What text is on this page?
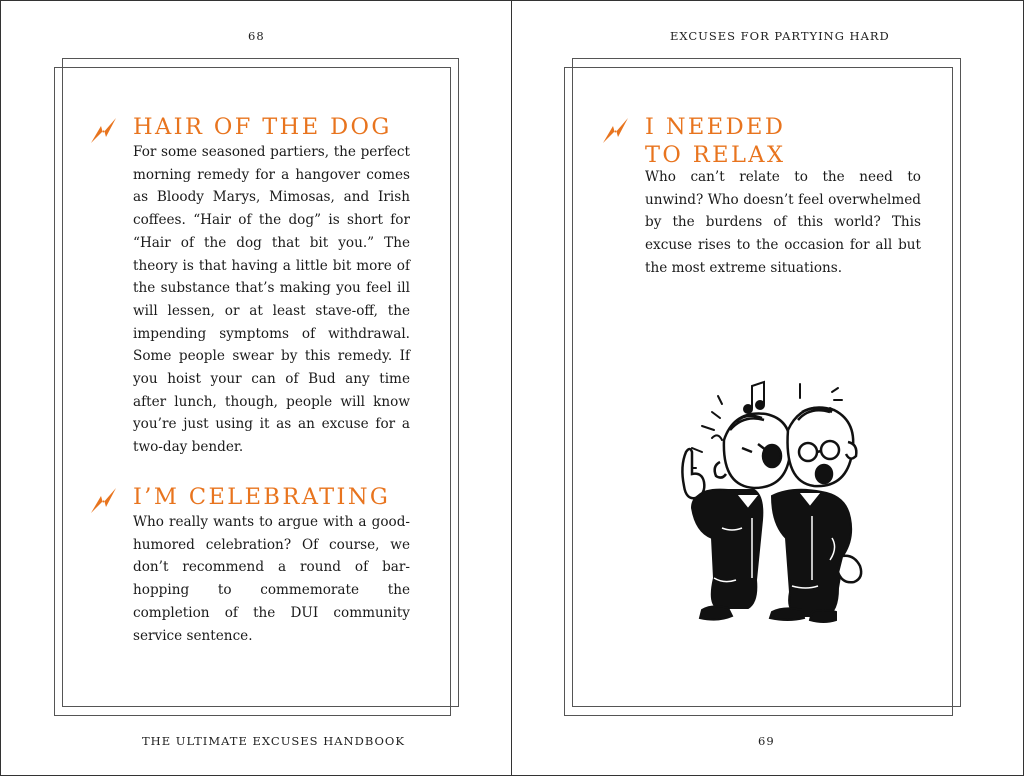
68
HAIR OF THE DOG
For some seasoned partiers, the perfect morning remedy for a hangover comes as Bloody Marys, Mimosas, and Irish coffees. “Hair of the dog” is short for “Hair of the dog that bit you.” The theory is that having a little bit more of the substance that’s making you feel ill will lessen, or at least stave-off, the impending symptoms of withdrawal. Some people swear by this remedy. If you hoist your can of Bud any time after lunch, though, people will know you’re just using it as an excuse for a two-day bender.
I’M CELEBRATING
Who really wants to argue with a good-humored celebration? Of course, we don’t recommend a round of bar-hopping to commemorate the completion of the DUI community service sentence.
THE ULTIMATE EXCUSES HANDBOOK
EXCUSES FOR PARTYING HARD
I NEEDED
TO RELAX
Who can’t relate to the need to unwind? Who doesn’t feel overwhelmed by the burdens of this world? This excuse rises to the occasion for all but the most extreme situations.
69
